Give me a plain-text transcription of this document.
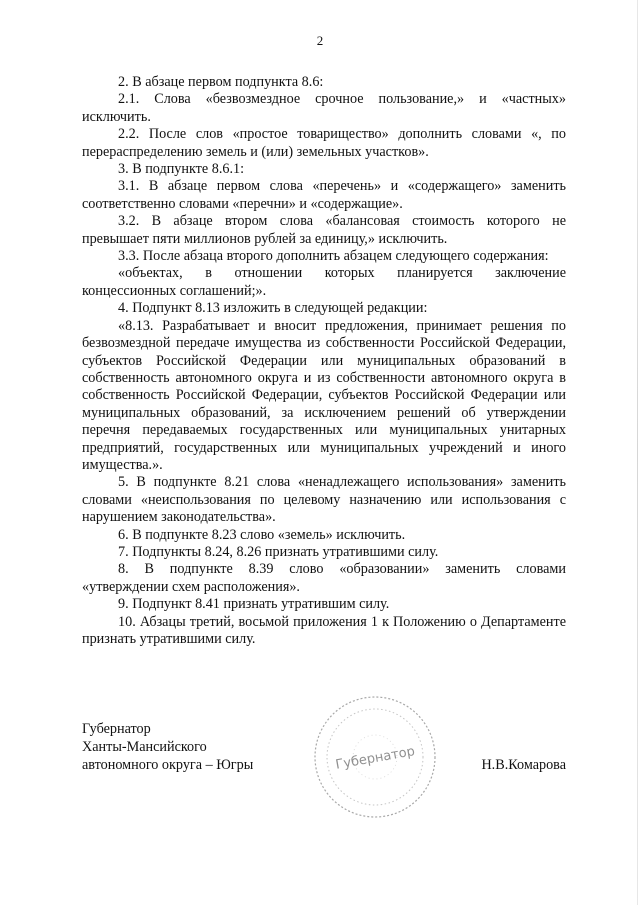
2

2. В абзаце первом подпункта 8.6:

2.1. Слова «безвозмездное срочное пользование,» и «частных» исключить.

2.2. После слов «простое товарищество» дополнить словами «, по перераспределению земель и (или) земельных участков».

3. В подпункте 8.6.1:

3.1. В абзаце первом слова «перечень» и «содержащего» заменить соответственно словами «перечни» и «содержащие».

3.2. В абзаце втором слова «балансовая стоимость которого не превышает пяти миллионов рублей за единицу,» исключить.

3.3. После абзаца второго дополнить абзацем следующего содержания:

«объектах, в отношении которых планируется заключение концессионных соглашений;».

4. Подпункт 8.13 изложить в следующей редакции:

«8.13. Разрабатывает и вносит предложения, принимает решения по безвозмездной передаче имущества из собственности Российской Федерации, субъектов Российской Федерации или муниципальных образований в собственность автономного округа и из собственности автономного округа в собственность Российской Федерации, субъектов Российской Федерации или муниципальных образований, за исключением решений об утверждении перечня передаваемых государственных или муниципальных унитарных предприятий, государственных или муниципальных учреждений и иного имущества.».

5. В подпункте 8.21 слова «ненадлежащего использования» заменить словами «неиспользования по целевому назначению или использования с нарушением законодательства».

6. В подпункте 8.23 слово «земель» исключить.

7. Подпункты 8.24, 8.26 признать утратившими силу.

8. В подпункте 8.39 слово «образовании» заменить словами «утверждении схем расположения».

9. Подпункт 8.41 признать утратившим силу.

10. Абзацы третий, восьмой приложения 1 к Положению о Департаменте признать утратившими силу.

Губернатор
Ханты-Мансийского
автономного округа – Югры	Губернатор	Н.В.Комарова
